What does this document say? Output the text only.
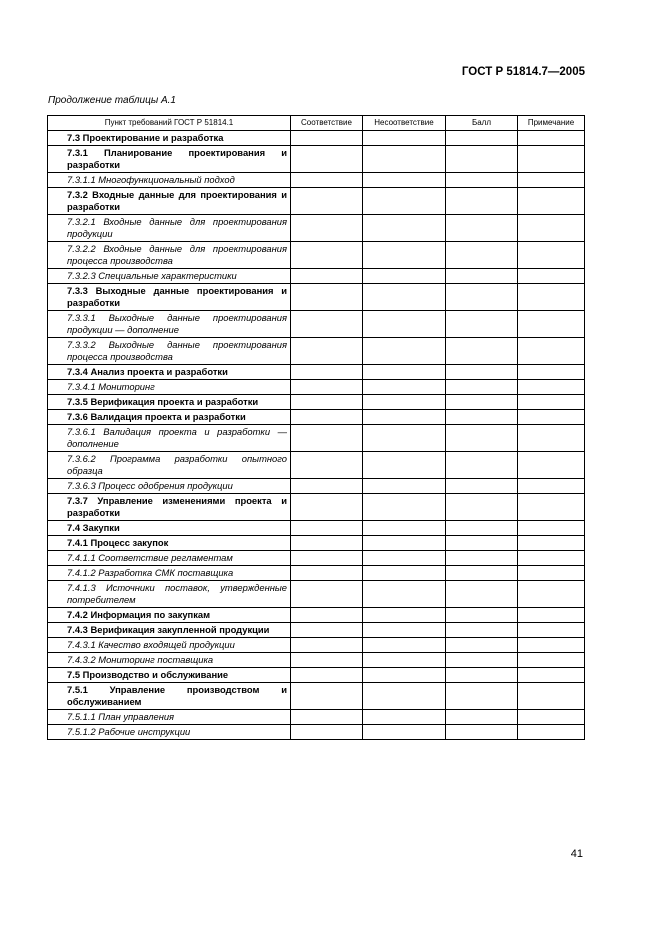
ГОСТ Р 51814.7—2005
Продолжение таблицы А.1
Пункт требований ГОСТ Р 51814.1	Соответствие	Несоответствие	Балл	Примечание
7.3 Проектирование и разработка				
7.3.1 Планирование проектирования и разработки				
7.3.1.1 Многофункциональный подход				
7.3.2 Входные данные для проектирования и разработки				
7.3.2.1 Входные данные для проектирования продукции				
7.3.2.2 Входные данные для проектирования процесса производства				
7.3.2.3 Специальные характеристики				
7.3.3 Выходные данные проектирования и разработки				
7.3.3.1 Выходные данные проектирования продукции — дополнение				
7.3.3.2 Выходные данные проектирования процесса производства				
7.3.4 Анализ проекта и разработки				
7.3.4.1 Мониторинг				
7.3.5 Верификация проекта и разработки				
7.3.6 Валидация проекта и разработки				
7.3.6.1 Валидация проекта и разработки — дополнение				
7.3.6.2 Программа разработки опытного образца				
7.3.6.3 Процесс одобрения продукции				
7.3.7 Управление изменениями проекта и разработки				
7.4 Закупки				
7.4.1 Процесс закупок				
7.4.1.1 Соответствие регламентам				
7.4.1.2 Разработка СМК поставщика				
7.4.1.3 Источники поставок, утвержденные потребителем				
7.4.2 Информация по закупкам				
7.4.3 Верификация закупленной продукции				
7.4.3.1 Качество входящей продукции				
7.4.3.2 Мониторинг поставщика				
7.5 Производство и обслуживание				
7.5.1 Управление производством и обслуживанием				
7.5.1.1 План управления				
7.5.1.2 Рабочие инструкции				
41
